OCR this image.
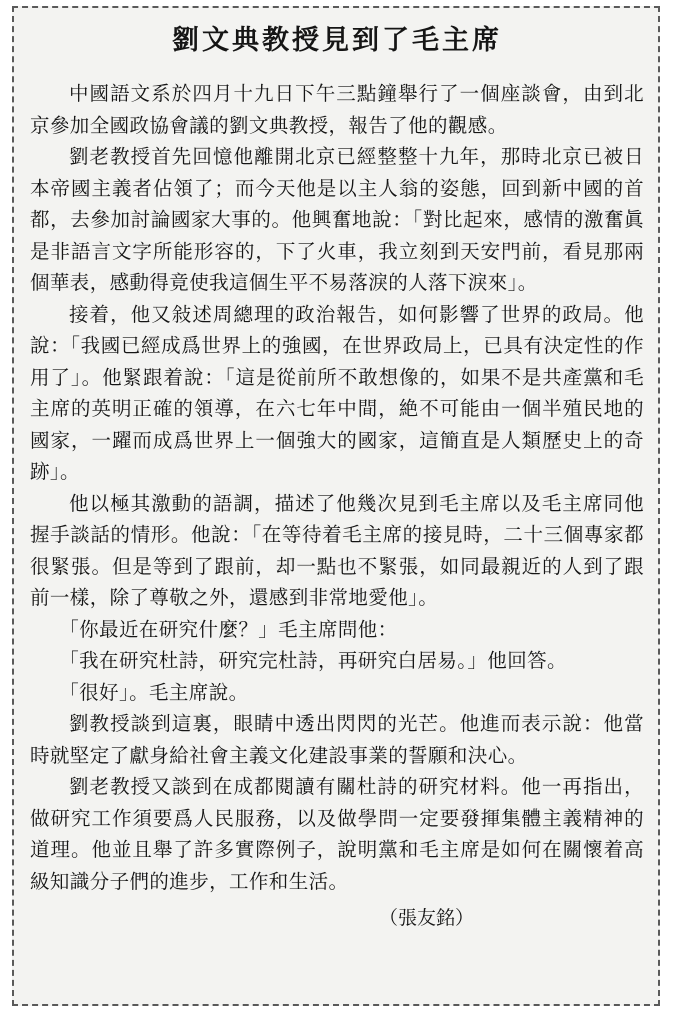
劉文典教授見到了毛主席

中國語文系於四月十九日下午三點鐘舉行了一個座談會，由到北京參加全國政協會議的劉文典教授，報告了他的觀感。

劉老教授首先回憶他離開北京已經整整十九年，那時北京已被日本帝國主義者佔領了；而今天他是以主人翁的姿態，回到新中國的首都，去參加討論國家大事的。他興奮地說：「對比起來，感情的激奮眞是非語言文字所能形容的，下了火車，我立刻到天安門前，看見那兩個華表，感動得竟使我這個生平不易落淚的人落下淚來」。

接着，他又敍述周總理的政治報告，如何影響了世界的政局。他說：「我國已經成爲世界上的強國，在世界政局上，已具有決定性的作用了」。他緊跟着說：「這是從前所不敢想像的，如果不是共產黨和毛主席的英明正確的領導，在六七年中間，絶不可能由一個半殖民地的國家，一躍而成爲世界上一個強大的國家，這簡直是人類歷史上的奇跡」。

他以極其激動的語調，描述了他幾次見到毛主席以及毛主席同他握手談話的情形。他說：「在等待着毛主席的接見時，二十三個專家都很緊張。但是等到了跟前，却一點也不緊張，如同最親近的人到了跟前一樣，除了尊敬之外，還感到非常地愛他」。

「你最近在研究什麼？」毛主席問他：

「我在研究杜詩，研究完杜詩，再研究白居易。」他回答。

「很好」。毛主席說。

劉教授談到這裏，眼睛中透出閃閃的光芒。他進而表示說：他當時就堅定了獻身給社會主義文化建設事業的誓願和決心。

劉老教授又談到在成都閱讀有關杜詩的研究材料。他一再指出，做研究工作須要爲人民服務，以及做學問一定要發揮集體主義精神的道理。他並且舉了許多實際例子，說明黨和毛主席是如何在關懷着高級知識分子們的進步，工作和生活。

（張友銘）
